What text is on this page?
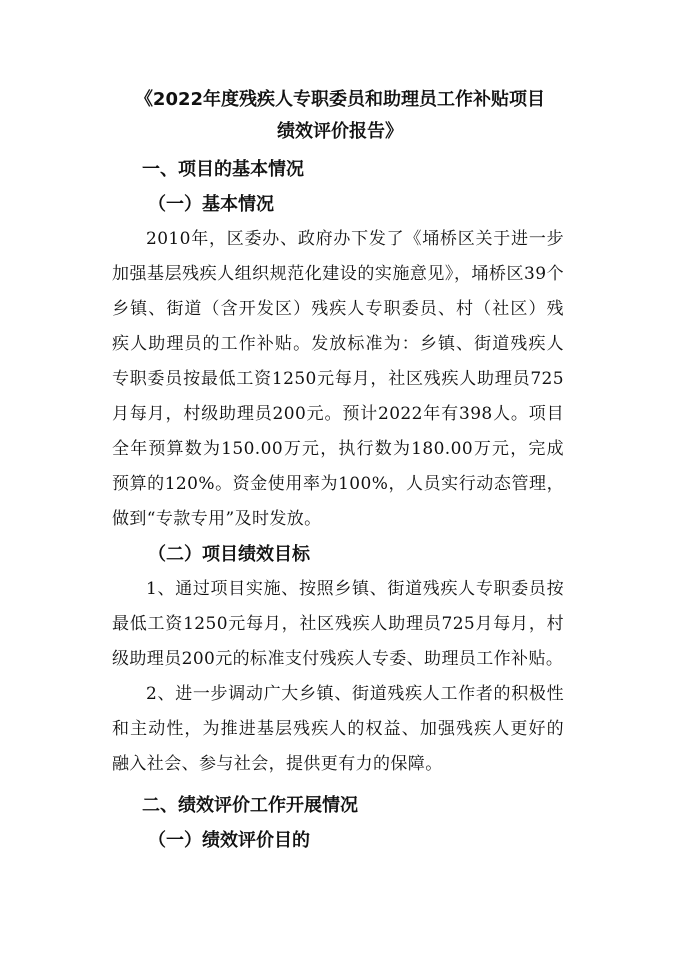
《2022年度残疾人专职委员和助理员工作补贴项目
绩效评价报告》
一、项目的基本情况
（一）基本情况

2010年，区委办、政府办下发了《埇桥区关于进一步加强基层残疾人组织规范化建设的实施意见》，埇桥区39个乡镇、街道（含开发区）残疾人专职委员、村（社区）残疾人助理员的工作补贴。发放标准为：乡镇、街道残疾人专职委员按最低工资1250元每月，社区残疾人助理员725月每月，村级助理员200元。预计2022年有398人。项目全年预算数为150.00万元，执行数为180.00万元，完成预算的120%。资金使用率为100%，人员实行动态管理，做到“专款专用”及时发放。

（二）项目绩效目标

1、通过项目实施、按照乡镇、街道残疾人专职委员按最低工资1250元每月，社区残疾人助理员725月每月，村级助理员200元的标准支付残疾人专委、助理员工作补贴。

2、进一步调动广大乡镇、街道残疾人工作者的积极性和主动性，为推进基层残疾人的权益、加强残疾人更好的融入社会、参与社会，提供更有力的保障。

二、绩效评价工作开展情况
（一）绩效评价目的
